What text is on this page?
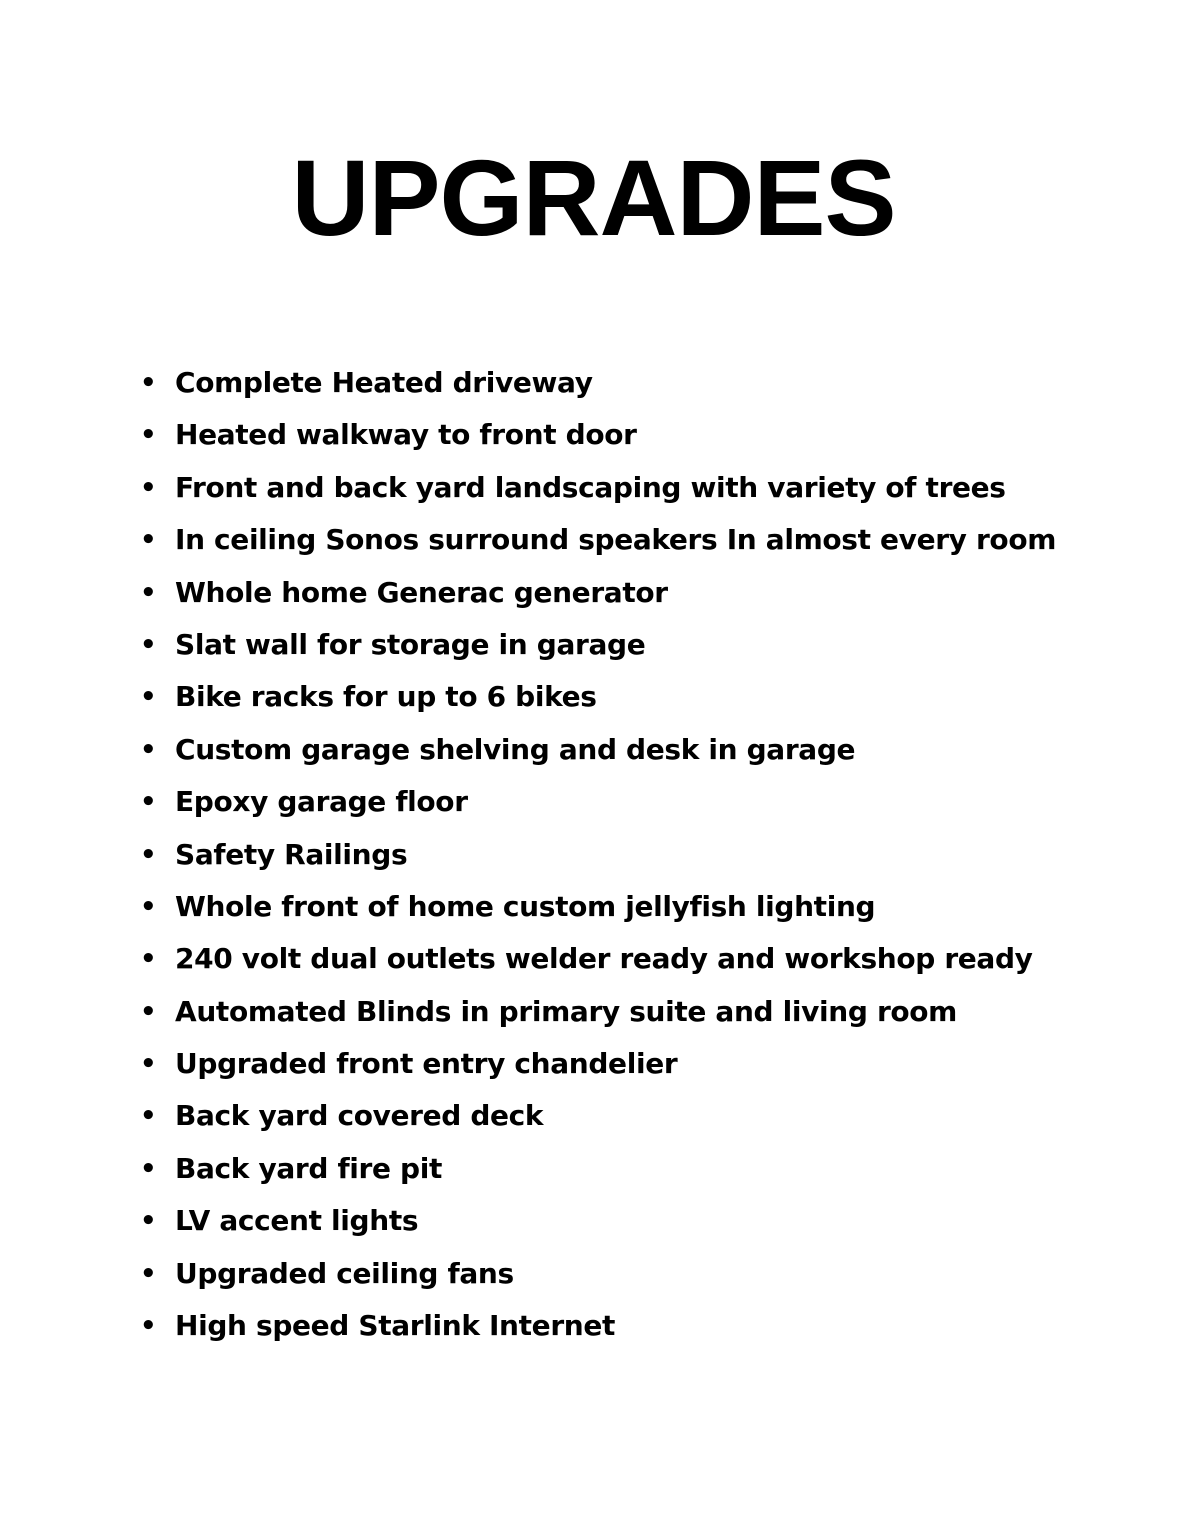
UPGRADES
• Complete Heated driveway
• Heated walkway to front door
• Front and back yard landscaping with variety of trees
• In ceiling Sonos surround speakers In almost every room
• Whole home Generac generator
• Slat wall for storage in garage
• Bike racks for up to 6 bikes
• Custom garage shelving and desk in garage
• Epoxy garage floor
• Safety Railings
• Whole front of home custom jellyfish lighting
• 240 volt dual outlets welder ready and workshop ready
• Automated Blinds in primary suite and living room
• Upgraded front entry chandelier
• Back yard covered deck
• Back yard fire pit
• LV accent lights
• Upgraded ceiling fans
• High speed Starlink Internet
